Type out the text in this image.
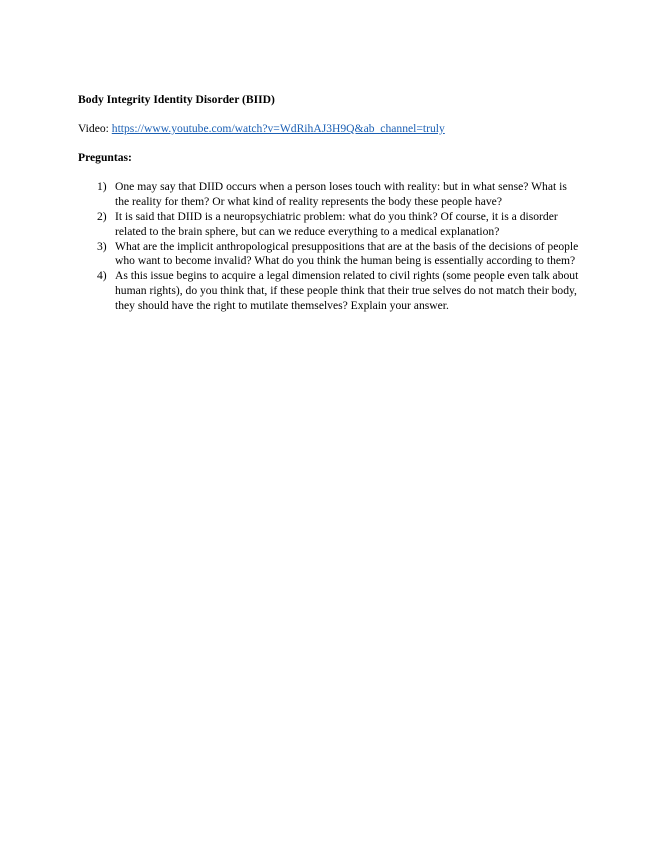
Body Integrity Identity Disorder (BIID)

Video: https://www.youtube.com/watch?v=WdRihAJ3H9Q&ab_channel=truly

Preguntas:

1) One may say that DIID occurs when a person loses touch with reality: but in what sense? What is the reality for them? Or what kind of reality represents the body these people have?
2) It is said that DIID is a neuropsychiatric problem: what do you think? Of course, it is a disorder related to the brain sphere, but can we reduce everything to a medical explanation?
3) What are the implicit anthropological presuppositions that are at the basis of the decisions of people who want to become invalid? What do you think the human being is essentially according to them?
4) As this issue begins to acquire a legal dimension related to civil rights (some people even talk about human rights), do you think that, if these people think that their true selves do not match their body, they should have the right to mutilate themselves? Explain your answer.
